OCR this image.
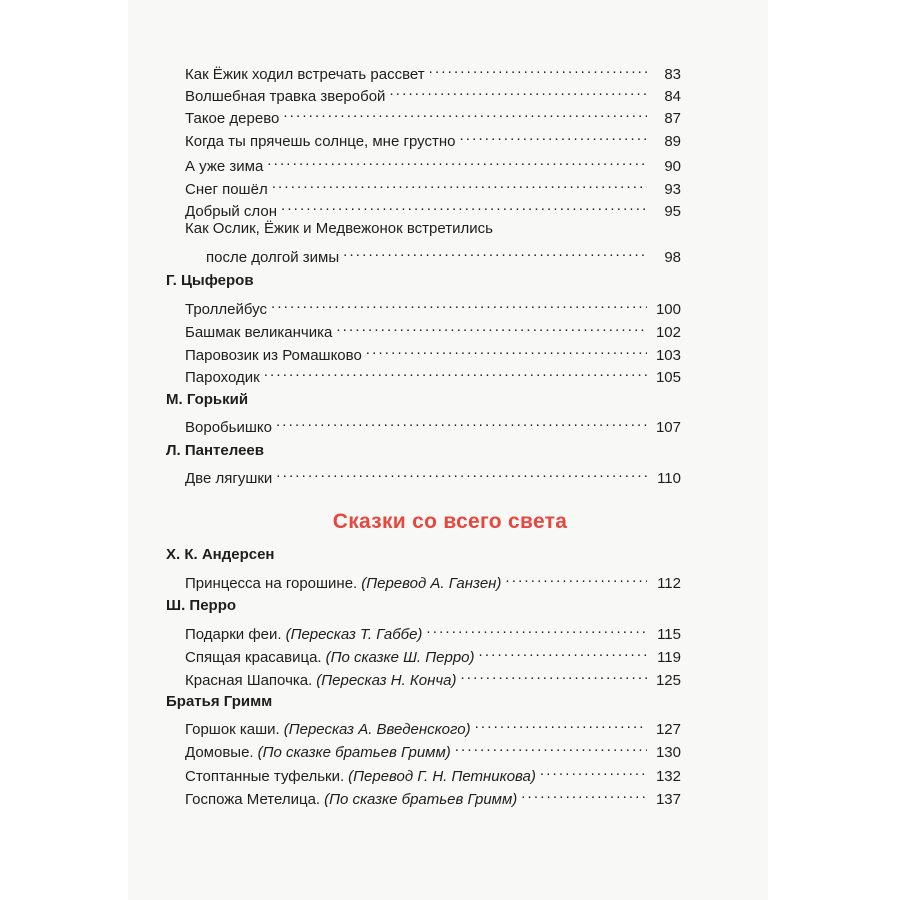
Как Ёжик ходил встречать рассвет . . .	83
Волшебная травка зверобой . . .	84
Такое дерево . . .	87
Когда ты прячешь солнце, мне грустно . . .	89
А уже зима . . .	90
Снег пошёл . . .	93
Добрый слон . . .	95
Как Ослик, Ёжик и Медвежонок встретились
после долгой зимы . . .	98
Г. Цыферов
Троллейбус . . .	100
Башмак великанчика . . .	102
Паровозик из Ромашково . . .	103
Пароходик . . .	105
М. Горький
Воробьишко . . .	107
Л. Пантелеев
Две лягушки . . .	110
Сказки со всего света
Х. К. Андерсен
Принцесса на горошине. (Перевод А. Ганзен) . . .	112
Ш. Перро
Подарки феи. (Пересказ Т. Габбе) . . .	115
Спящая красавица. (По сказке Ш. Перро) . . .	119
Красная Шапочка. (Пересказ Н. Конча) . . .	125
Братья Гримм
Горшок каши. (Пересказ А. Введенского) . . .	127
Домовые. (По сказке братьев Гримм) . . .	130
Стоптанные туфельки. (Перевод Г. Н. Петникова) . . .	132
Госпожа Метелица. (По сказке братьев Гримм) . . .	137
